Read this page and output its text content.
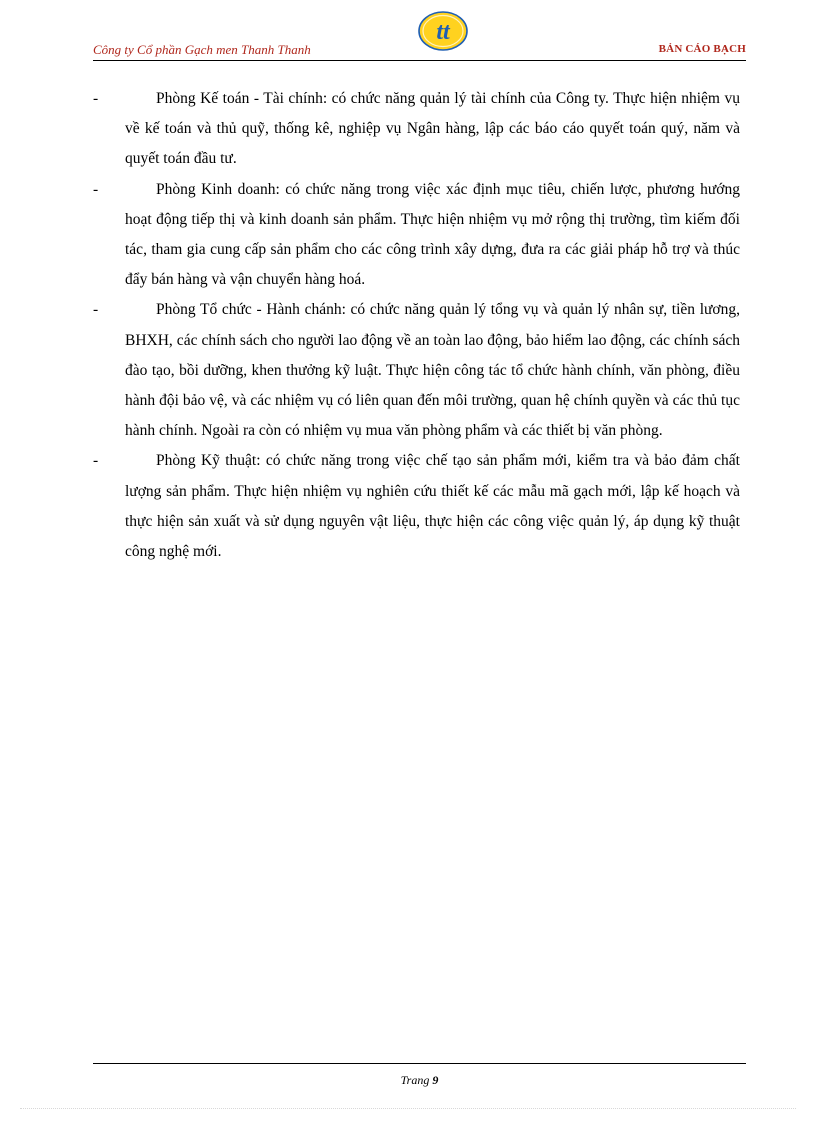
Công ty Cổ phần Gạch men Thanh Thanh
tt
BẢN CÁO BẠCH
-	Phòng Kế toán - Tài chính: có chức năng quản lý tài chính của Công ty. Thực hiện nhiệm vụ về kế toán và thủ quỹ, thống kê, nghiệp vụ Ngân hàng, lập các báo cáo quyết toán quý, năm và quyết toán đầu tư.
-	Phòng Kinh doanh: có chức năng trong việc xác định mục tiêu, chiến lược, phương hướng hoạt động tiếp thị và kinh doanh sản phẩm. Thực hiện nhiệm vụ mở rộng thị trường, tìm kiếm đối tác, tham gia cung cấp sản phẩm cho các công trình xây dựng, đưa ra các giải pháp hỗ trợ và thúc đẩy bán hàng và vận chuyển hàng hoá.
-	Phòng Tổ chức - Hành chánh: có chức năng quản lý tổng vụ và quản lý nhân sự, tiền lương, BHXH, các chính sách cho người lao động về an toàn lao động, bảo hiểm lao động, các chính sách đào tạo, bồi dưỡng, khen thưởng kỹ luật. Thực hiện công tác tổ chức hành chính, văn phòng, điều hành đội bảo vệ, và các nhiệm vụ có liên quan đến môi trường, quan hệ chính quyền và các thủ tục hành chính. Ngoài ra còn có nhiệm vụ mua văn phòng phẩm và các thiết bị văn phòng.
-	Phòng Kỹ thuật: có chức năng trong việc chế tạo sản phẩm mới, kiểm tra và bảo đảm chất lượng sản phẩm. Thực hiện nhiệm vụ nghiên cứu thiết kế các mẫu mã gạch mới, lập kế hoạch và thực hiện sản xuất và sử dụng nguyên vật liệu, thực hiện các công việc quản lý, áp dụng kỹ thuật công nghệ mới.
Trang 9
